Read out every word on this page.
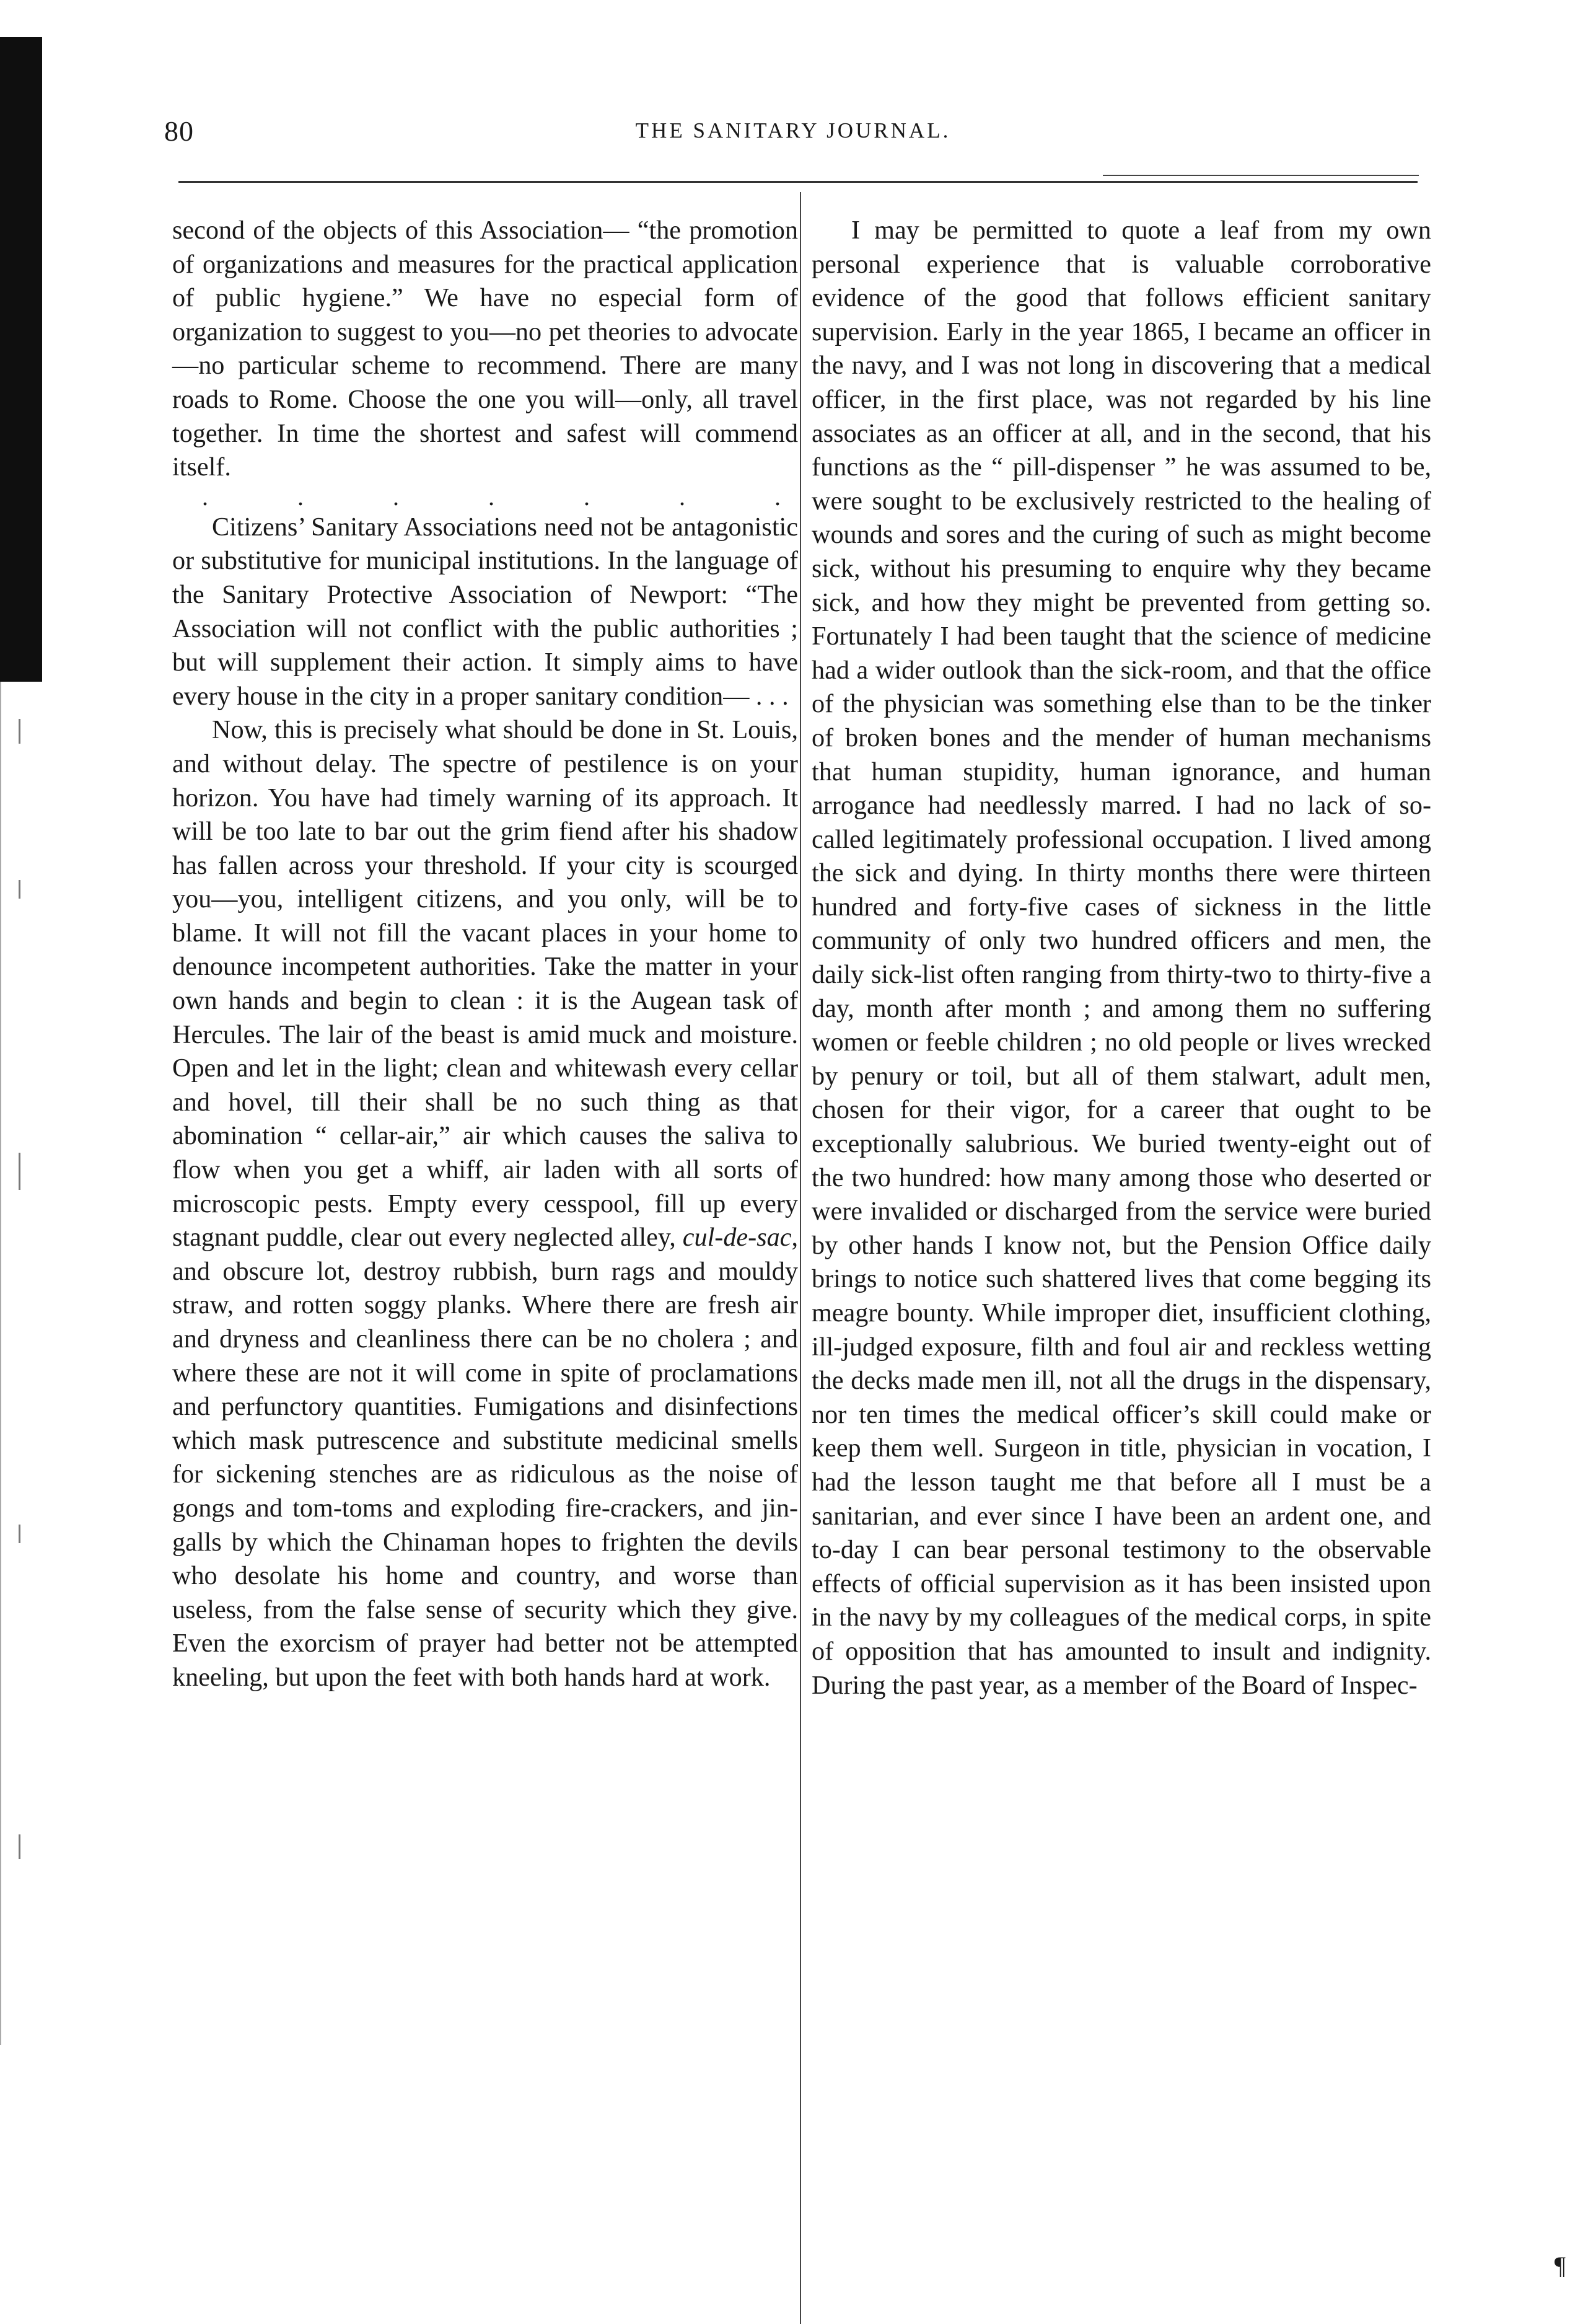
80	THE SANITARY JOURNAL.

second of the objects of this Association— “the promotion of organizations and measures for the practical application of public hygiene.” We have no especial form of organization to suggest to you—no pet theories to advocate—no particular scheme to recommend. There are many roads to Rome. Choose the one you will—only, all travel together. In time the shortest and safest will commend itself.

.	.	.	.	.	.	.

Citizens’ Sanitary Associations need not be antagonistic or substitutive for municipal institutions. In the language of the Sanitary Protective Association of Newport: “The Association will not conflict with the public authorities ; but will supplement their action. It simply aims to have every house in the city in a proper sanitary condition— . . .

Now, this is precisely what should be done in St. Louis, and without delay. The spectre of pestilence is on your horizon. You have had timely warning of its approach. It will be too late to bar out the grim fiend after his shadow has fallen across your threshold. If your city is scourged you—you, intelligent citizens, and you only, will be to blame. It will not fill the vacant places in your home to denounce incompetent authorities. Take the matter in your own hands and begin to clean : it is the Augean task of Hercules. The lair of the beast is amid muck and moisture. Open and let in the light; clean and whitewash every cellar and hovel, till their shall be no such thing as that abomination “ cellar-air,” air which causes the saliva to flow when you get a whiff, air laden with all sorts of microscopic pests. Empty every cesspool, fill up every stagnant puddle, clear out every neglected alley, cul-de-sac, and obscure lot, destroy rubbish, burn rags and mouldy straw, and rotten soggy planks. Where there are fresh air and dryness and cleanliness there can be no cholera ; and where these are not it will come in spite of proclamations and perfunctory quantities. Fumigations and disinfections which mask putrescence and substitute medicinal smells for sickening stenches are as ridiculous as the noise of gongs and tom-toms and exploding fire-crackers, and jin-galls by which the Chinaman hopes to frighten the devils who desolate his home and country, and worse than useless, from the false sense of security which they give. Even the exorcism of prayer had better not be attempted kneeling, but upon the feet with both hands hard at work.

I may be permitted to quote a leaf from my own personal experience that is valuable corroborative evidence of the good that follows efficient sanitary supervision. Early in the year 1865, I became an officer in the navy, and I was not long in discovering that a medical officer, in the first place, was not regarded by his line associates as an officer at all, and in the second, that his functions as the “ pill-dispenser ” he was assumed to be, were sought to be exclusively restricted to the healing of wounds and sores and the curing of such as might become sick, without his presuming to enquire why they became sick, and how they might be prevented from getting so. Fortunately I had been taught that the science of medicine had a wider outlook than the sick-room, and that the office of the physician was something else than to be the tinker of broken bones and the mender of human mechanisms that human stupidity, human ignorance, and human arrogance had needlessly marred. I had no lack of so-called legitimately professional occupation. I lived among the sick and dying. In thirty months there were thirteen hundred and forty-five cases of sickness in the little community of only two hundred officers and men, the daily sick-list often ranging from thirty-two to thirty-five a day, month after month ; and among them no suffering women or feeble children ; no old people or lives wrecked by penury or toil, but all of them stalwart, adult men, chosen for their vigor, for a career that ought to be exceptionally salubrious. We buried twenty-eight out of the two hundred: how many among those who deserted or were invalided or discharged from the service were buried by other hands I know not, but the Pension Office daily brings to notice such shattered lives that come begging its meagre bounty. While improper diet, insufficient clothing, ill-judged exposure, filth and foul air and reckless wetting the decks made men ill, not all the drugs in the dispensary, nor ten times the medical officer’s skill could make or keep them well. Surgeon in title, physician in vocation, I had the lesson taught me that before all I must be a sanitarian, and ever since I have been an ardent one, and to-day I can bear personal testimony to the observable effects of official supervision as it has been insisted upon in the navy by my colleagues of the medical corps, in spite of opposition that has amounted to insult and indignity. During the past year, as a member of the Board of Inspec-

¶
